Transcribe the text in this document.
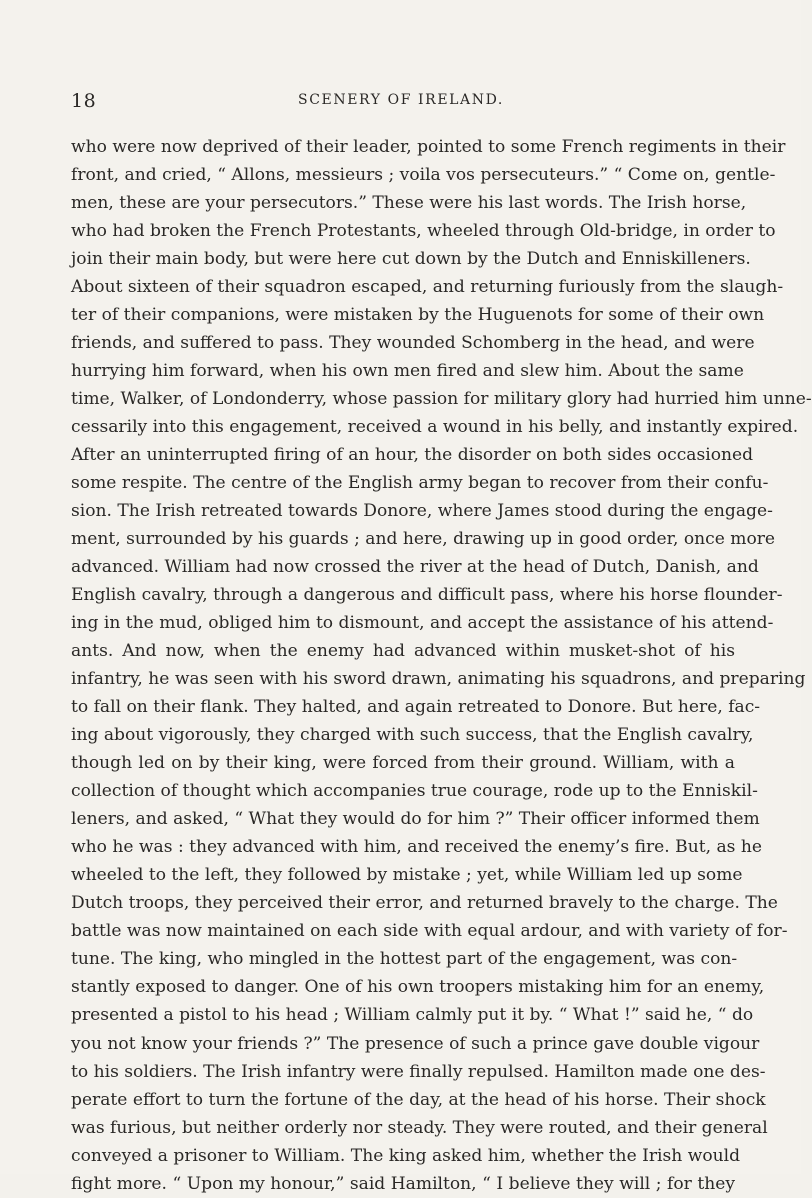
18	SCENERY OF IRELAND.
who were now deprived of their leader, pointed to some French regiments in their
front, and cried, “ Allons, messieurs ; voila vos persecuteurs.” “ Come on, gentle-
men, these are your persecutors.” These were his last words. The Irish horse,
who had broken the French Protestants, wheeled through Old-bridge, in order to
join their main body, but were here cut down by the Dutch and Enniskilleners.
About sixteen of their squadron escaped, and returning furiously from the slaugh-
ter of their companions, were mistaken by the Huguenots for some of their own
friends, and suffered to pass. They wounded Schomberg in the head, and were
hurrying him forward, when his own men fired and slew him. About the same
time, Walker, of Londonderry, whose passion for military glory had hurried him unne-
cessarily into this engagement, received a wound in his belly, and instantly expired.
After an uninterrupted firing of an hour, the disorder on both sides occasioned
some respite. The centre of the English army began to recover from their confu-
sion. The Irish retreated towards Donore, where James stood during the engage-
ment, surrounded by his guards ; and here, drawing up in good order, once more
advanced. William had now crossed the river at the head of Dutch, Danish, and
English cavalry, through a dangerous and difficult pass, where his horse flounder-
ing in the mud, obliged him to dismount, and accept the assistance of his attend-
ants. And now, when the enemy had advanced within musket-shot of his
infantry, he was seen with his sword drawn, animating his squadrons, and preparing
to fall on their flank. They halted, and again retreated to Donore. But here, fac-
ing about vigorously, they charged with such success, that the English cavalry,
though led on by their king, were forced from their ground. William, with a
collection of thought which accompanies true courage, rode up to the Enniskil-
leners, and asked, “ What they would do for him ?” Their officer informed them
who he was : they advanced with him, and received the enemy’s fire. But, as he
wheeled to the left, they followed by mistake ; yet, while William led up some
Dutch troops, they perceived their error, and returned bravely to the charge. The
battle was now maintained on each side with equal ardour, and with variety of for-
tune. The king, who mingled in the hottest part of the engagement, was con-
stantly exposed to danger. One of his own troopers mistaking him for an enemy,
presented a pistol to his head ; William calmly put it by. “ What !” said he, “ do
you not know your friends ?” The presence of such a prince gave double vigour
to his soldiers. The Irish infantry were finally repulsed. Hamilton made one des-
perate effort to turn the fortune of the day, at the head of his horse. Their shock
was furious, but neither orderly nor steady. They were routed, and their general
conveyed a prisoner to William. The king asked him, whether the Irish would
fight more. “ Upon my honour,” said Hamilton, “ I believe they will ; for they
